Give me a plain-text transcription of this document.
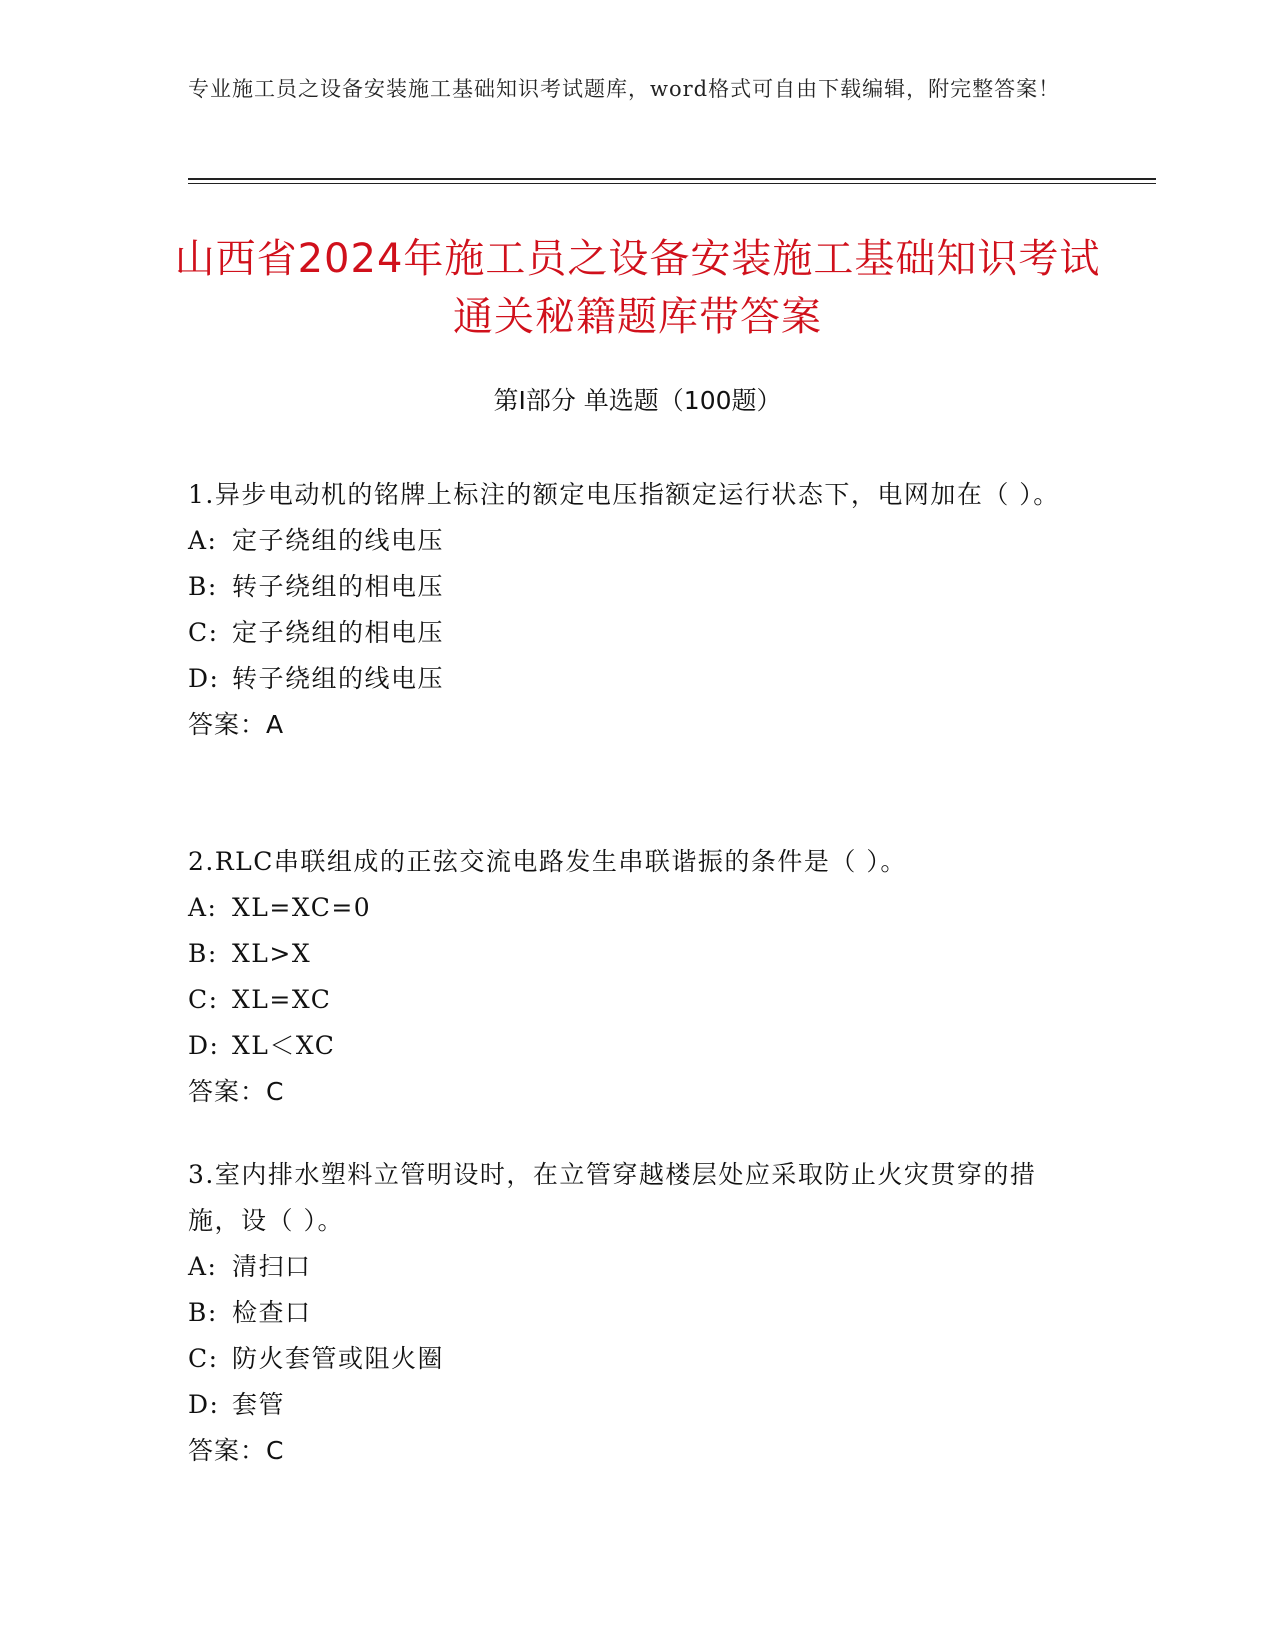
专业施工员之设备安装施工基础知识考试题库，word格式可自由下载编辑，附完整答案！
山西省2024年施工员之设备安装施工基础知识考试通关秘籍题库带答案
第Ⅰ部分 单选题（100题）
1.异步电动机的铭牌上标注的额定电压指额定运行状态下，电网加在（ ）。
A: 定子绕组的线电压
B: 转子绕组的相电压
C: 定子绕组的相电压
D: 转子绕组的线电压
答案：A
2.RLC串联组成的正弦交流电路发生串联谐振的条件是（ ）。
A: XL=XC=0
B: XL>X
C: XL=XC
D: XL＜XC
答案：C
3.室内排水塑料立管明设时，在立管穿越楼层处应采取防止火灾贯穿的措施，设（ ）。
A: 清扫口
B: 检查口
C: 防火套管或阻火圈
D: 套管
答案：C
